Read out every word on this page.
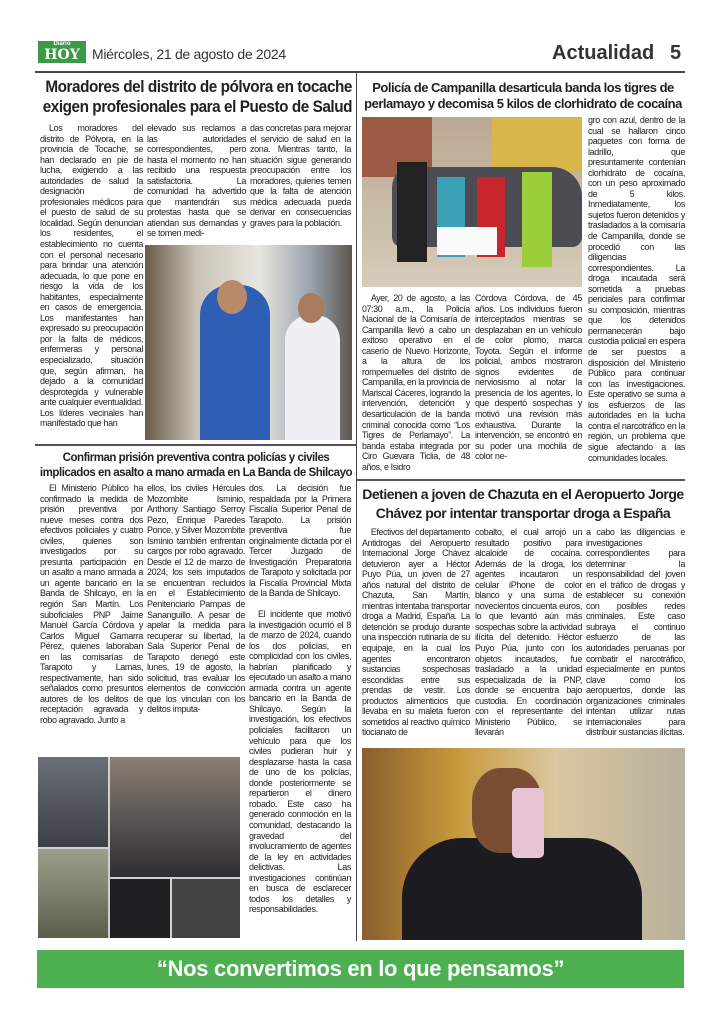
Diario
HOY Miércoles, 21 de agosto de 2024	Actualidad 5
Moradores del distrito de pólvora en tocache exigen profesionales para el Puesto de Salud

Los moradores del distrito de Pólvora, en la provincia de Tocache, se han declarado en pie de lucha, exigiendo a las autoridades de salud la designación de profesionales médicos para el puesto de salud de su localidad. Según denuncian los residentes, el establecimiento no cuenta con el personal necesario para brindar una atención adecuada, lo que pone en riesgo la vida de los habitantes, especialmente en casos de emergencia. Los manifestantes han expresado su preocupación por la falta de médicos, enfermeras y personal especializado, situación que, según afirman, ha dejado a la comunidad desprotegida y vulnerable ante cualquier eventualidad. Los líderes vecinales han manifestado que han

elevado sus reclamos a las autoridades correspondientes, pero hasta el momento no han recibido una respuesta satisfactoria. La comunidad ha advertido que mantendrán sus protestas hasta que se atiendan sus demandas y se tomen medi-

das concretas para mejorar el servicio de salud en la zona. Mientras tanto, la situación sigue generando preocupación entre los moradores, quienes temen que la falta de atención médica adecuada pueda derivar en consecuencias graves para la población.

Policía de Campanilla desarticula banda los tigres de perlamayo y decomisa 5 kilos de clorhidrato de cocaína

Ayer, 20 de agosto, a las 07:30 a.m., la Policía Nacional de la Comisaría de Campanilla llevó a cabo un exitoso operativo en el caserío de Nuevo Horizonte, a la altura de los rompemuelles del distrito de Campanilla, en la provincia de Mariscal Cáceres, logrando la intervención, detención y desarticulación de la banda criminal conocida como “Los Tigres de Perlamayo”. La banda estaba integrada por Ciro Guevara Ticlia, de 48 años, e Isidro

Córdova Córdova, de 45 años. Los individuos fueron interceptados mientras se desplazaban en un vehículo de color plomo, marca Toyota. Según el informe policial, ambos mostraron signos evidentes de nerviosismo al notar la presencia de los agentes, lo que despertó sospechas y motivó una revisión más exhaustiva. Durante la intervención, se encontró en su poder una mochila de color ne-

gro con azul, dentro de la cual se hallaron cinco paquetes con forma de ladrillo, que presuntamente contenían clorhidrato de cocaína, con un peso aproximado de 5 kilos. Inmediatamente, los sujetos fueron detenidos y trasladados a la comisaría de Campanilla, donde se procedió con las diligencias correspondientes. La droga incautada será sometida a pruebas periciales para confirmar su composición, mientras que los detenidos permanecerán bajo custodia policial en espera de ser puestos a disposición del Ministerio Público para continuar con las investigaciones. Este operativo se suma a los esfuerzos de las autoridades en la lucha contra el narcotráfico en la región, un problema que sigue afectando a las comunidades locales.

Confirman prisión preventiva contra policías y civiles implicados en asalto a mano armada en La Banda de Shilcayo

El Ministerio Público ha confirmado la medida de prisión preventiva por nueve meses contra dos efectivos policiales y cuatro civiles, quienes son investigados por su presunta participación en un asalto a mano armada a un agente bancario en la Banda de Shilcayo, en la región San Martín. Los suboficiales PNP Jaime Manuel García Córdova y Carlos Miguel Gamarra Pérez, quienes laboraban en las comisarías de Tarapoto y Lamas, respectivamente, han sido señalados como presuntos autores de los delitos de receptación agravada y robo agravado. Junto a

ellos, los civiles Hércules Mozombite Isminio, Anthony Santiago Serroy Pezo, Enrique Paredes Ponce, y Silver Mozombite Isminio también enfrentan cargos por robo agravado. Desde el 12 de marzo de 2024, los seis imputados se encuentran recluidos en el Establecimiento Penitenciario Pampas de Sananguillo. A pesar de apelar la medida para recuperar su libertad, la Sala Superior Penal de Tarapoto denegó este lunes, 19 de agosto, la solicitud, tras evaluar los elementos de convicción que los vinculan con los delitos imputa-

dos. La decisión fue respaldada por la Primera Fiscalía Superior Penal de Tarapoto. La prisión preventiva fue originalmente dictada por el Tercer Juzgado de Investigación Preparatoria de Tarapoto y solicitada por la Fiscalía Provincial Mixta de la Banda de Shilcayo.

El incidente que motivó la investigación ocurrió el 8 de marzo de 2024, cuando los dos policías, en complicidad con los civiles, habrían planificado y ejecutado un asalto a mano armada contra un agente bancario en la Banda de Shilcayo. Según la investigación, los efectivos policiales facilitaron un vehículo para que los civiles pudieran huir y desplazarse hasta la casa de uno de los policías, donde posteriormente se repartieron el dinero robado. Este caso ha generado conmoción en la comunidad, destacando la gravedad del involucramiento de agentes de la ley en actividades delictivas. Las investigaciones continúan en busca de esclarecer todos los detalles y responsabilidades.

Detienen a joven de Chazuta en el Aeropuerto Jorge Chávez por intentar transportar droga a España

Efectivos del departamento Antidrogas del Aeropuerto Internacional Jorge Chávez detuvieron ayer a Héctor Puyo Púa, un joven de 27 años natural del distrito de Chazuta, San Martín, mientras intentaba transportar droga a Madrid, España. La detención se produjo durante una inspección rutinaria de su equipaje, en la cual los agentes encontraron sustancias sospechosas escondidas entre sus prendas de vestir. Los productos alimenticios que llevaba en su maleta fueron sometidos al reactivo químico tiocianato de

cobalto, el cual arrojó un resultado positivo para alcaloide de cocaína. Además de la droga, los agentes incautaron un celular iPhone de color blanco y una suma de novecientos cincuenta euros, lo que levantó aún más sospechas sobre la actividad ilícita del detenido. Héctor Puyo Púa, junto con los objetos incautados, fue trasladado a la unidad especializada de la PNP, donde se encuentra bajo custodia. En coordinación con el representante del Ministerio Público, se llevarán

a cabo las diligencias e investigaciones correspondientes para determinar la responsabilidad del joven en el tráfico de drogas y establecer su conexión con posibles redes criminales. Este caso subraya el continuo esfuerzo de las autoridades peruanas por combatir el narcotráfico, especialmente en puntos clave como los aeropuertos, donde las organizaciones criminales intentan utilizar rutas internacionales para distribuir sustancias ilícitas.

“Nos convertimos en lo que pensamos”
